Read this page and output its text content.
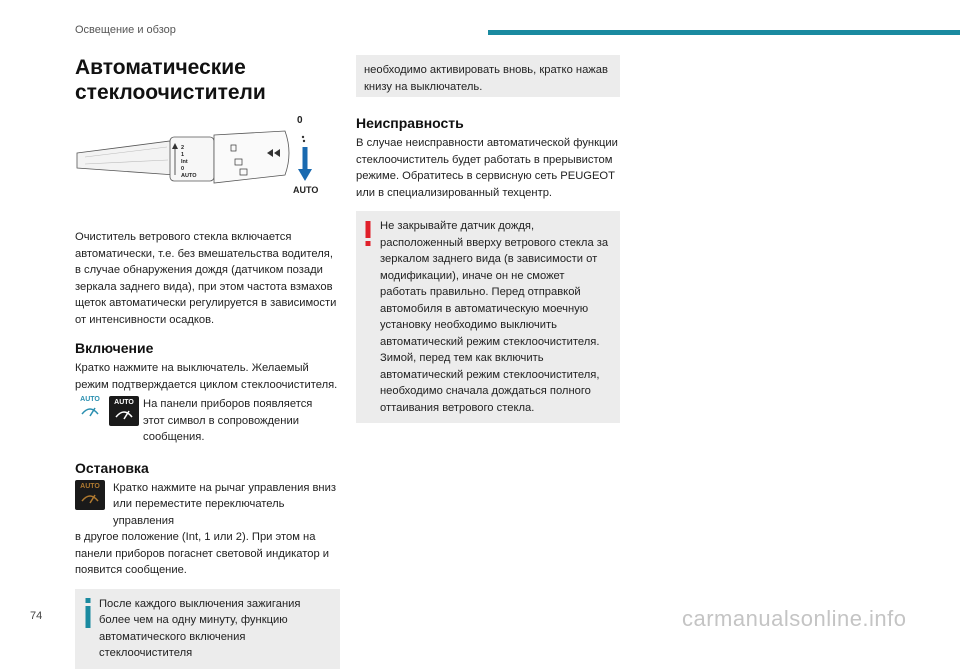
Освещение и обзор
Автоматические
стеклоочистители
0
AUTO
2
1
Int
0
AUTO

Очиститель ветрового стекла включается автоматически, т.е. без вмешательства водителя, в случае обнаружения дождя (датчиком позади зеркала заднего вида), при этом частота взмахов щеток автоматически регулируется в зависимости от интенсивности осадков.

Включение

Кратко нажмите на выключатель. Желаемый режим подтверждается циклом стеклоочистителя.

AUTO AUTO На панели приборов появляется этот символ в сопровождении сообщения.

Остановка
AUTO Кратко нажмите на рычаг управления вниз или переместите переключатель управления

в другое положение (Int, 1 или 2). При этом на панели приборов погаснет световой индикатор и появится сообщение.

После каждого выключения зажигания более чем на одну минуту, функцию автоматического включения стеклоочистителя

необходимо активировать вновь, кратко нажав книзу на выключатель.

Неисправность

В случае неисправности автоматической функции стеклоочиститель будет работать в прерывистом режиме. Обратитесь в сервисную сеть PEUGEOT или в специализированный техцентр.

Не закрывайте датчик дождя, расположенный вверху ветрового стекла за зеркалом заднего вида (в зависимости от модификации), иначе он не сможет работать правильно. Перед отправкой автомобиля в автоматическую моечную установку необходимо выключить автоматический режим стеклоочистителя. Зимой, перед тем как включить автоматический режим стеклоочистителя, необходимо сначала дождаться полного оттаивания ветрового стекла.

74	carmanualsonline.info
